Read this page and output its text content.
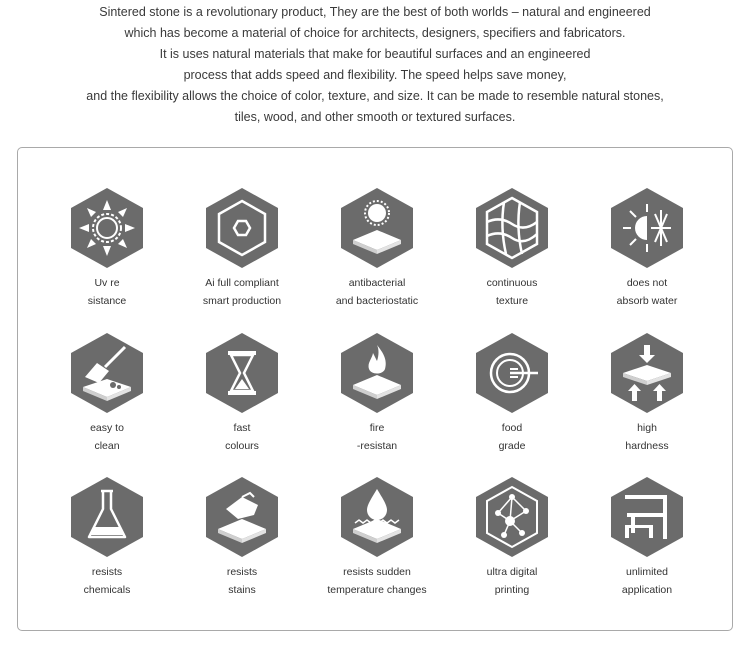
Sintered stone is a revolutionary product, They are the best of both worlds – natural and engineered
which has become a material of choice for architects, designers, specifiers and fabricators.
It is uses natural materials that make for beautiful surfaces and an engineered
process that adds speed and flexibility. The speed helps save money,
and the flexibility allows the choice of color, texture, and size. It can be made to resemble natural stones,
tiles, wood, and other smooth or textured surfaces.
Uv re
sistance
Ai full compliant
smart production
antibacterial
and bacteriostatic
continuous
texture
does not
absorb water
easy to
clean
fast
colours
fire
-resistan
food
grade
high
hardness
resists
chemicals
resists
stains
resists sudden
temperature changes
ultra digital
printing
unlimited
application
